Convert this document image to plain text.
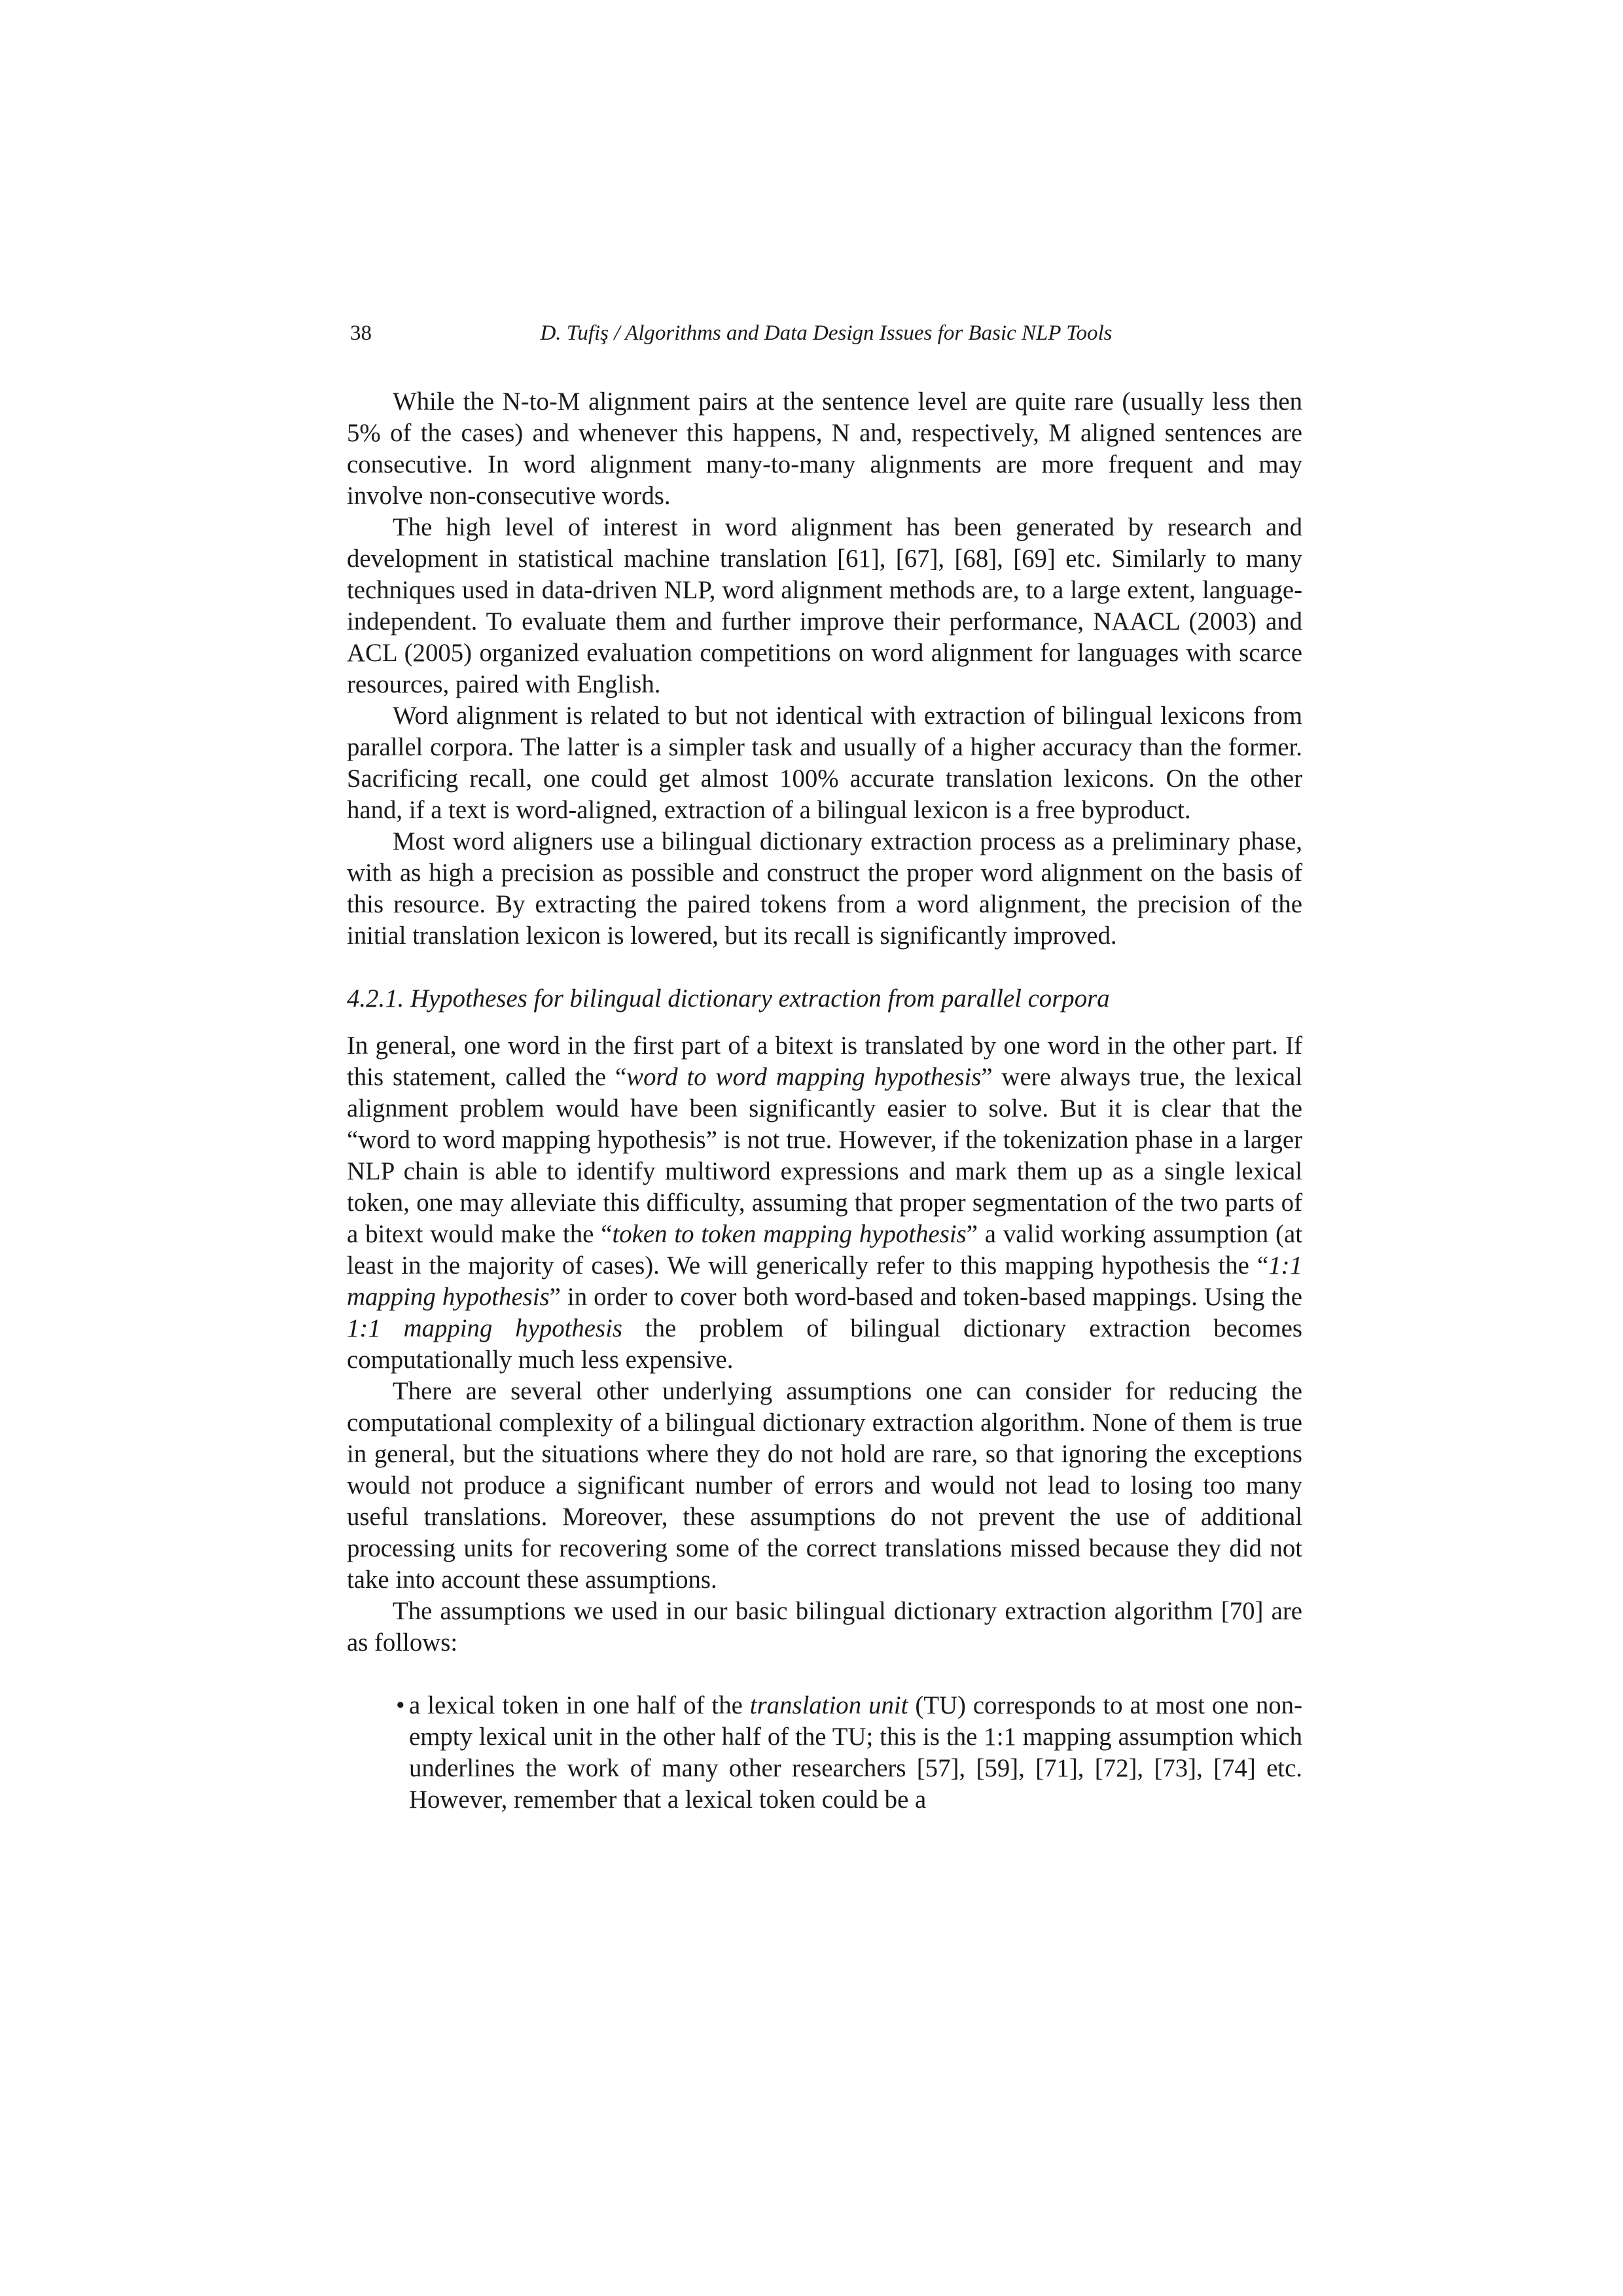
38	D. Tufiş / Algorithms and Data Design Issues for Basic NLP Tools

While the N-to-M alignment pairs at the sentence level are quite rare (usually less then 5% of the cases) and whenever this happens, N and, respectively, M aligned sentences are consecutive. In word alignment many-to-many alignments are more frequent and may involve non-consecutive words.

The high level of interest in word alignment has been generated by research and development in statistical machine translation [61], [67], [68], [69] etc. Similarly to many techniques used in data-driven NLP, word alignment methods are, to a large extent, language-independent. To evaluate them and further improve their performance, NAACL (2003) and ACL (2005) organized evaluation competitions on word alignment for languages with scarce resources, paired with English.

Word alignment is related to but not identical with extraction of bilingual lexicons from parallel corpora. The latter is a simpler task and usually of a higher accuracy than the former. Sacrificing recall, one could get almost 100% accurate translation lexicons. On the other hand, if a text is word-aligned, extraction of a bilingual lexicon is a free byproduct.

Most word aligners use a bilingual dictionary extraction process as a preliminary phase, with as high a precision as possible and construct the proper word alignment on the basis of this resource. By extracting the paired tokens from a word alignment, the precision of the initial translation lexicon is lowered, but its recall is significantly improved.

4.2.1. Hypotheses for bilingual dictionary extraction from parallel corpora

In general, one word in the first part of a bitext is translated by one word in the other part. If this statement, called the “word to word mapping hypothesis” were always true, the lexical alignment problem would have been significantly easier to solve. But it is clear that the “word to word mapping hypothesis” is not true. However, if the tokenization phase in a larger NLP chain is able to identify multiword expressions and mark them up as a single lexical token, one may alleviate this difficulty, assuming that proper segmentation of the two parts of a bitext would make the “token to token mapping hypothesis” a valid working assumption (at least in the majority of cases). We will generically refer to this mapping hypothesis the “1:1 mapping hypothesis” in order to cover both word-based and token-based mappings. Using the 1:1 mapping hypothesis the problem of bilingual dictionary extraction becomes computationally much less expensive.

There are several other underlying assumptions one can consider for reducing the computational complexity of a bilingual dictionary extraction algorithm. None of them is true in general, but the situations where they do not hold are rare, so that ignoring the exceptions would not produce a significant number of errors and would not lead to losing too many useful translations. Moreover, these assumptions do not prevent the use of additional processing units for recovering some of the correct translations missed because they did not take into account these assumptions.

The assumptions we used in our basic bilingual dictionary extraction algorithm [70] are as follows:

• a lexical token in one half of the translation unit (TU) corresponds to at most one non-empty lexical unit in the other half of the TU; this is the 1:1 mapping assumption which underlines the work of many other researchers [57], [59], [71], [72], [73], [74] etc. However, remember that a lexical token could be a
